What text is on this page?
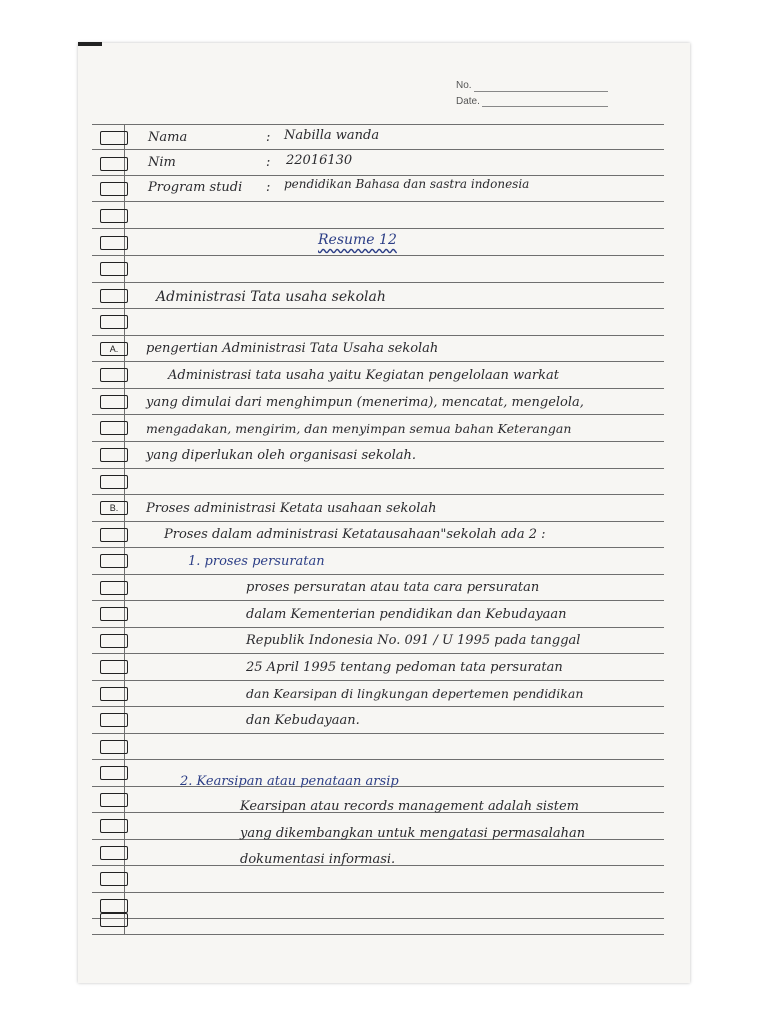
No.
Date.
A.
B.
Nama	: Nabilla wanda
Nim	: 22016130
Program studi : pendidikan Bahasa dan sastra indonesia
Resume 12
Administrasi Tata usaha sekolah
pengertian Administrasi Tata Usaha sekolah
Administrasi tata usaha yaitu Kegiatan pengelolaan warkat
yang dimulai dari menghimpun (menerima), mencatat, mengelola,
mengadakan, mengirim, dan menyimpan semua bahan Keterangan
yang diperlukan oleh organisasi sekolah.
Proses administrasi Ketata usahaan sekolah
Proses dalam administrasi Ketatausahaan"sekolah ada 2 :
1. proses persuratan
proses persuratan atau tata cara persuratan
dalam Kementerian pendidikan dan Kebudayaan
Republik Indonesia No. 091 / U 1995 pada tanggal
25 April 1995 tentang pedoman tata persuratan
dan Kearsipan di lingkungan depertemen pendidikan
dan Kebudayaan.
2. Kearsipan atau penataan arsip
Kearsipan atau records management adalah sistem
yang dikembangkan untuk mengatasi permasalahan
dokumentasi informasi.
